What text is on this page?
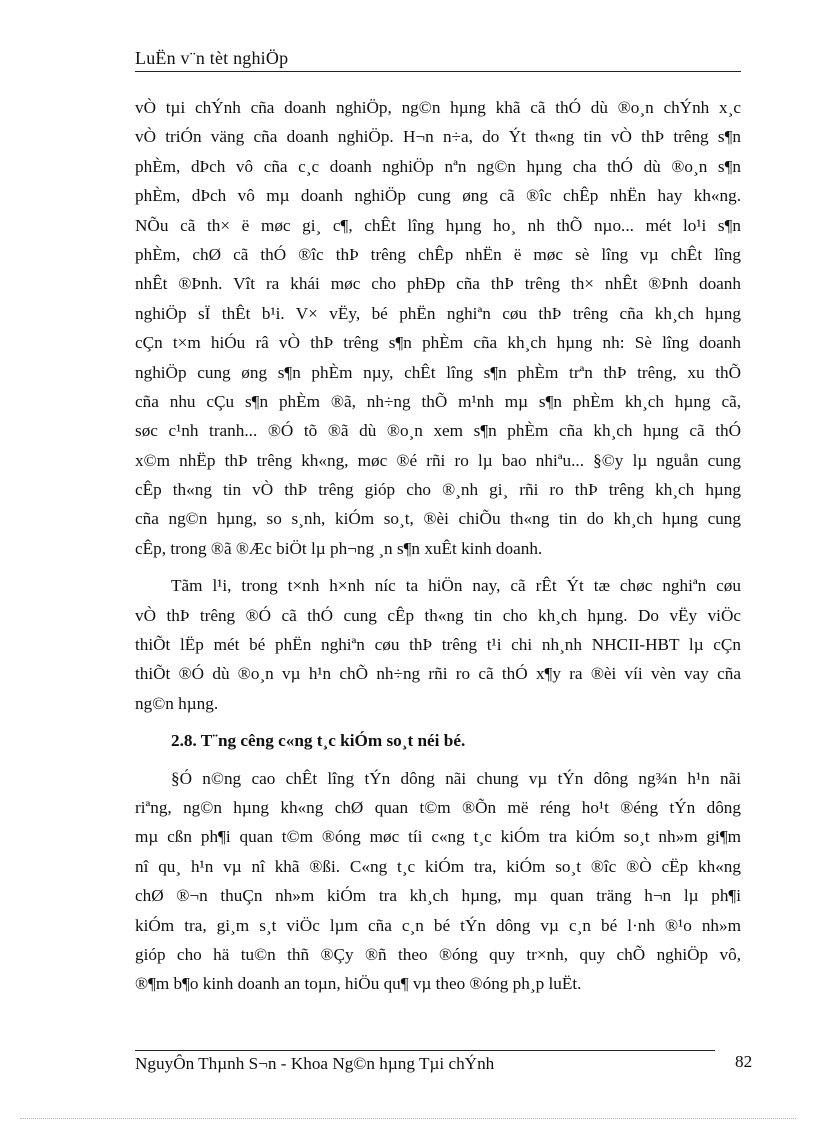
LuËn v¨n tèt nghiÖp
vÒ tµi chÝnh cña doanh nghiÖp, ng©n hµng khã cã thÓ dù ®o¸n chÝnh x¸c
vÒ triÓn väng cña doanh nghiÖp. H¬n n÷a, do Ýt th«ng tin vÒ thÞ trêng s¶n
phÈm, dÞch vô cña c¸c doanh nghiÖp nªn ng©n hµng cha thÓ dù ®o¸n s¶n
phÈm, dÞch vô mµ doanh nghiÖp cung øng cã ®îc chÊp nhËn hay kh«ng.
NÕu cã th× ë møc gi¸ c¶, chÊt lîng hµng ho¸ nh thÕ nµo... mét lo¹i s¶n
phÈm, chØ cã thÓ ®îc thÞ trêng chÊp nhËn ë møc sè lîng vµ chÊt lîng
nhÊt ®Þnh. Vît ra khái møc cho phÐp cña thÞ trêng th× nhÊt ®Þnh doanh
nghiÖp sÏ thÊt b¹i. V× vËy, bé phËn nghiªn cøu thÞ trêng cña kh¸ch hµng
cÇn t×m hiÓu râ vÒ thÞ trêng s¶n phÈm cña kh¸ch hµng nh: Sè lîng doanh
nghiÖp cung øng s¶n phÈm nµy, chÊt lîng s¶n phÈm trªn thÞ trêng, xu thÕ
cña nhu cÇu s¶n phÈm ®ã, nh÷ng thÕ m¹nh mµ s¶n phÈm kh¸ch hµng cã,
søc c¹nh tranh... ®Ó tõ ®ã dù ®o¸n xem s¶n phÈm cña kh¸ch hµng cã thÓ
x©m nhËp thÞ trêng kh«ng, møc ®é rñi ro lµ bao nhiªu... §©y lµ nguån cung
cÊp th«ng tin vÒ thÞ trêng gióp cho ®¸nh gi¸ rñi ro thÞ trêng kh¸ch hµng
cña ng©n hµng, so s¸nh, kiÓm so¸t, ®èi chiÕu th«ng tin do kh¸ch hµng cung
cÊp, trong ®ã ®Æc biÖt lµ ph¬ng ¸n s¶n xuÊt kinh doanh.
Tãm l¹i, trong t×nh h×nh níc ta hiÖn nay, cã rÊt Ýt tæ chøc nghiªn cøu
vÒ thÞ trêng ®Ó cã thÓ cung cÊp th«ng tin cho kh¸ch hµng. Do vËy viÖc
thiÕt lËp mét bé phËn nghiªn cøu thÞ trêng t¹i chi nh¸nh NHCII-HBT lµ cÇn
thiÕt ®Ó dù ®o¸n vµ h¹n chÕ nh÷ng rñi ro cã thÓ x¶y ra ®èi víi vèn vay cña
ng©n hµng.
2.8. T¨ng cêng c«ng t¸c kiÓm so¸t néi bé.
§Ó n©ng cao chÊt lîng tÝn dông nãi chung vµ tÝn dông ng¾n h¹n nãi
riªng, ng©n hµng kh«ng chØ quan t©m ®Õn më réng ho¹t ®éng tÝn dông
mµ cßn ph¶i quan t©m ®óng møc tíi c«ng t¸c kiÓm tra kiÓm so¸t nh»m gi¶m
nî qu¸ h¹n vµ nî khã ®ßi. C«ng t¸c kiÓm tra, kiÓm so¸t ®îc ®Ò cËp kh«ng
chØ ®¬n thuÇn nh»m kiÓm tra kh¸ch hµng, mµ quan träng h¬n lµ ph¶i
kiÓm tra, gi¸m s¸t viÖc lµm cña c¸n bé tÝn dông vµ c¸n bé l·nh ®¹o nh»m
gióp cho hä tu©n thñ ®Çy ®ñ theo ®óng quy tr×nh, quy chÕ nghiÖp vô,
®¶m b¶o kinh doanh an toµn, hiÖu qu¶ vµ theo ®óng ph¸p luËt.
NguyÔn Thµnh S¬n - Khoa Ng©n hµng Tµi chÝnh	82
